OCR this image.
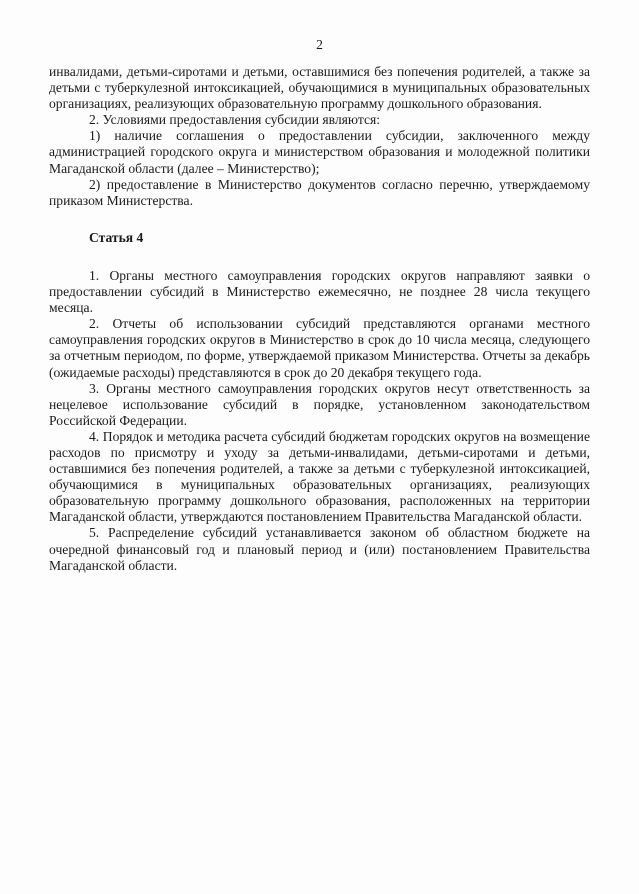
2

инвалидами, детьми-сиротами и детьми, оставшимися без попечения родителей, а также за детьми с туберкулезной интоксикацией, обучающимися в муниципальных образовательных организациях, реализующих образовательную программу дошкольного образования.

2. Условиями предоставления субсидии являются:

1) наличие соглашения о предоставлении субсидии, заключенного между администрацией городского округа и министерством образования и молодежной политики Магаданской области (далее – Министерство);

2) предоставление в Министерство документов согласно перечню, утверждаемому приказом Министерства.

Статья 4

1. Органы местного самоуправления городских округов направляют заявки о предоставлении субсидий в Министерство ежемесячно, не позднее 28 числа текущего месяца.

2. Отчеты об использовании субсидий представляются органами местного самоуправления городских округов в Министерство в срок до 10 числа месяца, следующего за отчетным периодом, по форме, утверждаемой приказом Министерства. Отчеты за декабрь (ожидаемые расходы) представляются в срок до 20 декабря текущего года.

3. Органы местного самоуправления городских округов несут ответственность за нецелевое использование субсидий в порядке, установленном законодательством Российской Федерации.

4. Порядок и методика расчета субсидий бюджетам городских округов на возмещение расходов по присмотру и уходу за детьми-инвалидами, детьми-сиротами и детьми, оставшимися без попечения родителей, а также за детьми с туберкулезной интоксикацией, обучающимися в муниципальных образовательных организациях, реализующих образовательную программу дошкольного образования, расположенных на территории Магаданской области, утверждаются постановлением Правительства Магаданской области.

5. Распределение субсидий устанавливается законом об областном бюджете на очередной финансовый год и плановый период и (или) постановлением Правительства Магаданской области.
